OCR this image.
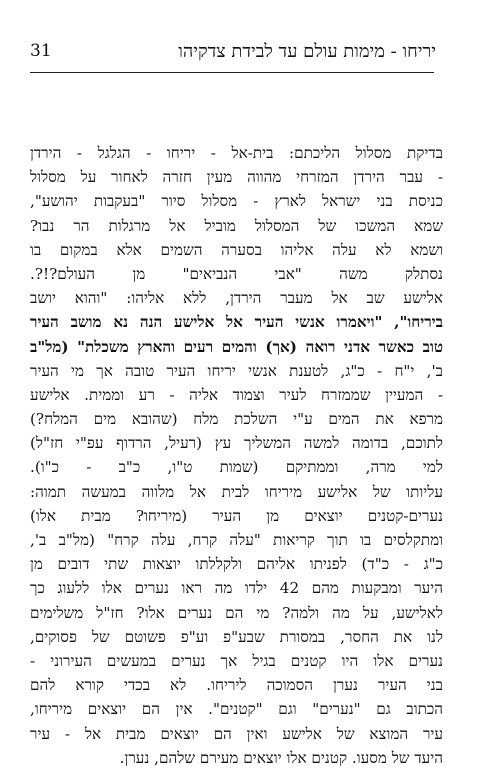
31	יריחו - מימות עולם עד לבידת צדקיהו
בדיקת מסלול הליכתם: בית-אל - יריחו - הגלגל - הירדן
- עבר הירדן המזרחי מהווה מעין חזרה לאחור על מסלול
כניסת בני ישראל לארץ - מסלול סיור "בעקבות יהושע",
שמא המשכו של המסלול מוביל אל מרגלות הר נבו?
ושמא לא עלה אליהו בסערה השמים אלא במקום בו
נסתלק משה "אבי הנביאים" מן העולם?!?.
אלישע שב אל מעבר הירדן, ללא אליהו: "והוא יושב
ביריחו", "ויאמרו אנשי העיר אל אלישע הנה נא מושב העיר
טוב כאשר אדני רואה (אך) והמים רעים והארץ משכלת" (מל"ב
ב', י"ח - כ"ג, לטענת אנשי יריחו העיר טובה אך מי העיר
- המעיין שממזרח לעיר וצמוד אליה - רע וממית. אלישע
מרפא את המים ע"י השלכת מלח (שהובא מים המלח?)
לתוכם, בדומה למשה המשליך עץ (רעיל, הרדוף עפ"י חז"ל)
למי מרה, וממתיקם (שמות ט"ו, כ"ב - כ"ו).
עליותו של אלישע מיריחו לבית אל מלווה במעשה תמוה:
נערים-קטנים יוצאים מן העיר (מיריחו? מבית אלו)
ומתקלסים בו תוך קריאות "עלה קרח, עלה קרח" (מל"ב ב',
כ"ג - כ"ד) לפניתו אליהם ולקללתו יוצאות שתי דובים מן
היער ומבקעות מהם 42 ילדו מה ראו נערים אלו ללעוג כך
לאלישע, על מה ולמה? מי הם נערים אלו? חז"ל משלימים
לנו את החסר, במסורת שבע"פ וע"פ פשוטם של פסוקים,
נערים אלו היו קטנים בגיל אך נערים במעשים העירוני -
בני העיר נערן הסמוכה ליריחו. לא בכדי קורא להם
הכתוב גם "נערים" וגם "קטנים". אין הם יוצאים מיריחו,
עיר המוצא של אלישע ואין הם יוצאים מבית אל - עיר
היעד של מסעו. קטנים אלו יוצאים מעירם שלהם, נערן.
